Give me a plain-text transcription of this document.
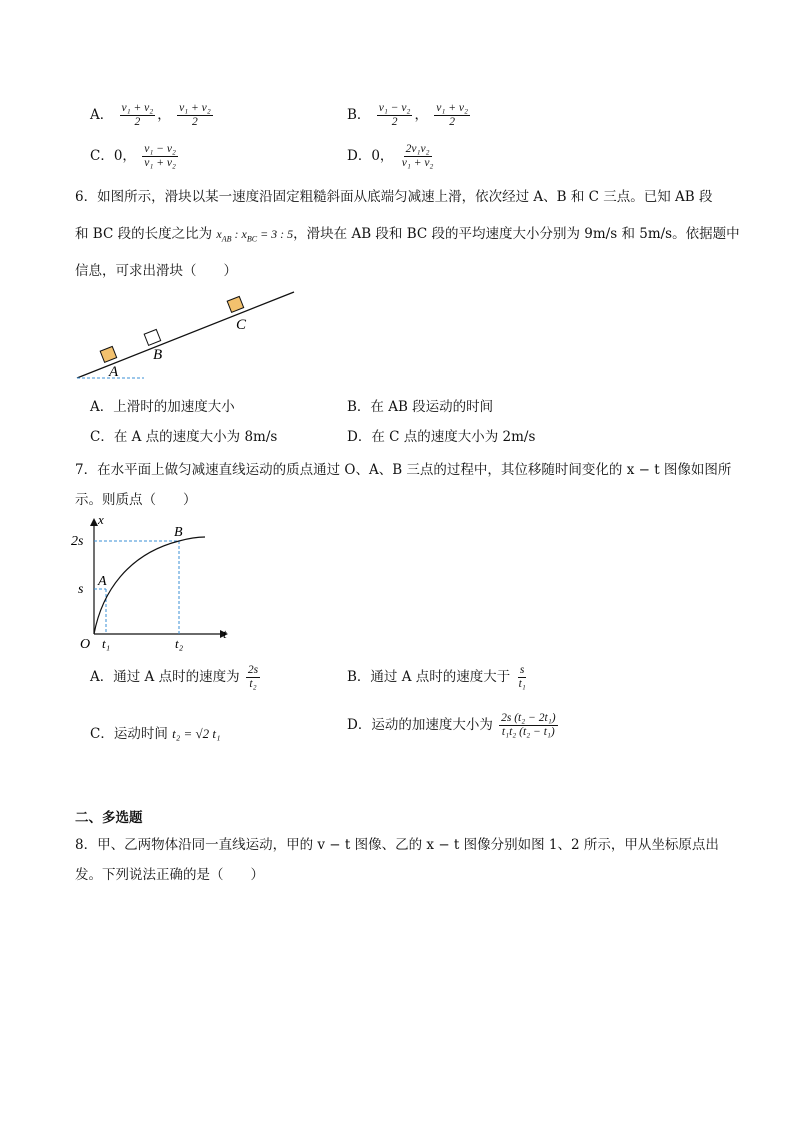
A． $\frac{\text{v₁ + v₂}}{2}$ ， $\frac{\text{v₁ + v₂}}{2}$	B． $\frac{\text{v₁ − v₂}}{2}$ ， $\frac{\text{v₁ + v₂}}{2}$
C．0， $\frac{\text{v₁ − v₂}}{\text{v₁ + v₂}}$	D．0， $\frac{\text{2v₁v₂}}{\text{v₁ + v₂}}$
6．如图所示，滑块以某一速度沿固定粗糙斜面从底端匀减速上滑，依次经过 A、B 和 C 三点。已知 AB 段
和 BC 段的长度之比为 $x_{AB}$ : $x_{BC} = 3$ : 5，滑块在 AB 段和 BC 段的平均速度大小分别为 9m/s 和 5m/s。依据题中
信息，可求出滑块（　　）
A
B
C
A．上滑时的加速度大小	B．在 AB 段运动的时间
C．在 A 点的速度大小为 8m/s	D．在 C 点的速度大小为 2m/s
7．在水平面上做匀减速直线运动的质点通过 O、A、B 三点的过程中，其位移随时间变化的 x − t 图像如图所
示。则质点（　　）
x
t
O
2s
s
t₁	t₂
A
B
A．通过 A 点时的速度为 $\frac{2s}{\text{t₂}}$	B．通过 A 点时的速度大于 $\frac{s}{\text{t₁}}$
C．运动时间 t₂ = √2 t₁
D．运动的加速度大小为 $\frac{\text{2s (t₂ − 2t₁)}}{\text{t₁t₂ (t₂ − t₁)}}$
二、多选题
8．甲、乙两物体沿同一直线运动，甲的 v − t 图像、乙的 x − t 图像分别如图 1、2 所示，甲从坐标原点出
发。下列说法正确的是（　　）
